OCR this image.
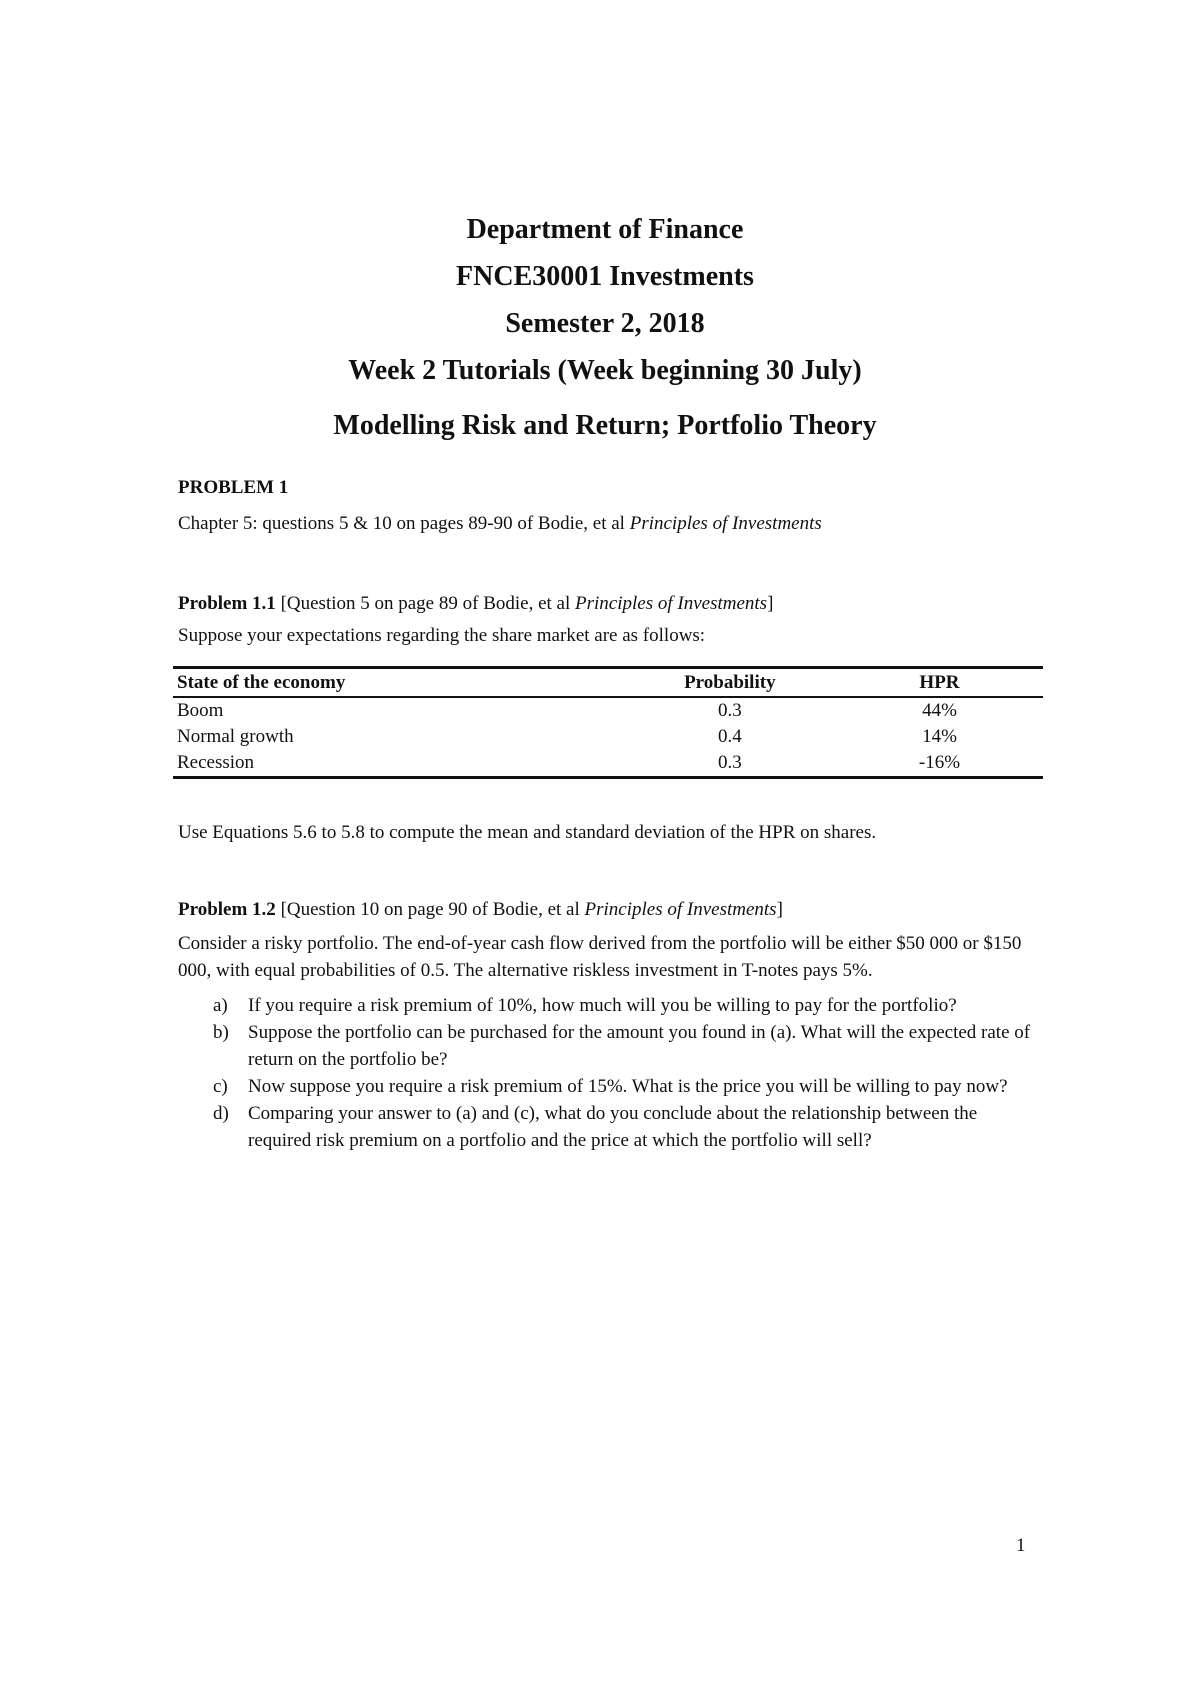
Department of Finance

FNCE30001 Investments

Semester 2, 2018

Week 2 Tutorials (Week beginning 30 July)

Modelling Risk and Return; Portfolio Theory

PROBLEM 1

Chapter 5: questions 5 & 10 on pages 89-90 of Bodie, et al Principles of Investments

Problem 1.1 [Question 5 on page 89 of Bodie, et al Principles of Investments]

Suppose your expectations regarding the share market are as follows:

State of the economy	Probability	HPR
Boom	0.3	44%
Normal growth	0.4	14%
Recession	0.3	-16%

Use Equations 5.6 to 5.8 to compute the mean and standard deviation of the HPR on shares.

Problem 1.2 [Question 10 on page 90 of Bodie, et al Principles of Investments]

Consider a risky portfolio. The end-of-year cash flow derived from the portfolio will be either $50 000 or $150 000, with equal probabilities of 0.5. The alternative riskless investment in T-notes pays 5%.

a) If you require a risk premium of 10%, how much will you be willing to pay for the portfolio?
b) Suppose the portfolio can be purchased for the amount you found in (a). What will the expected rate of return on the portfolio be?
c) Now suppose you require a risk premium of 15%. What is the price you will be willing to pay now?
d) Comparing your answer to (a) and (c), what do you conclude about the relationship between the required risk premium on a portfolio and the price at which the portfolio will sell?
1
